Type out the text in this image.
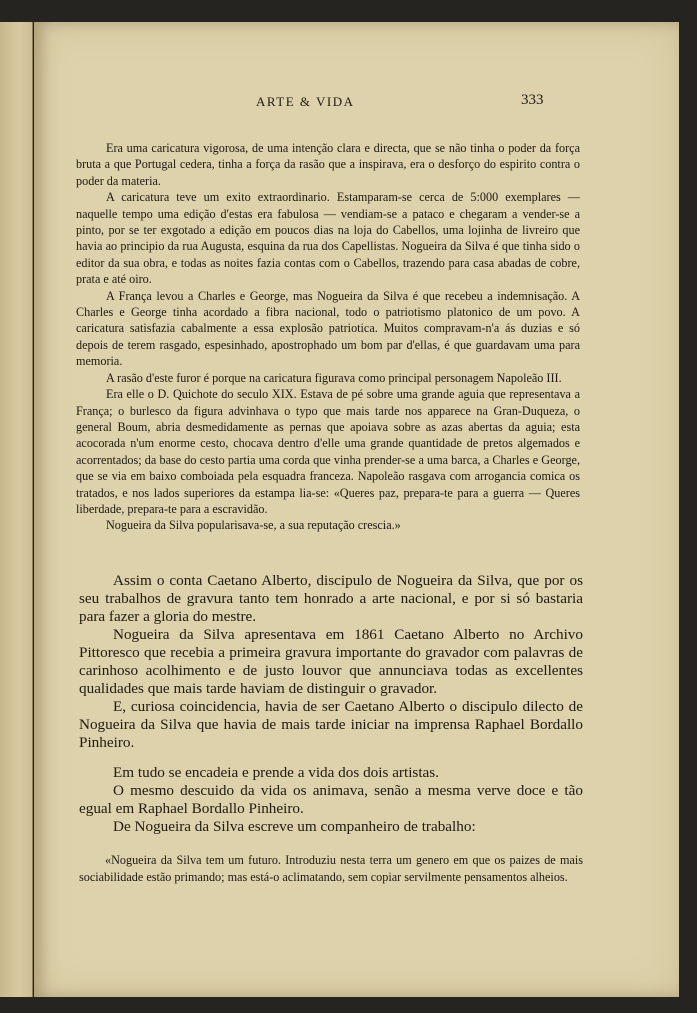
ARTE & VIDA	333

Era uma caricatura vigorosa, de uma intenção clara e directa, que se não tinha o poder da força bruta a que Portugal cedera, tinha a força da rasão que a inspirava, era o desforço do espirito contra o poder da materia.

A caricatura teve um exito extraordinario. Estamparam-se cerca de 5:000 exemplares — naquelle tempo uma edição d'estas era fabulosa — vendiam-se a pataco e chegaram a vender-se a pinto, por se ter exgotado a edição em poucos dias na loja do Cabellos, uma lojinha de livreiro que havia ao principio da rua Augusta, esquina da rua dos Capellistas. Nogueira da Silva é que tinha sido o editor da sua obra, e todas as noites fazia contas com o Cabellos, trazendo para casa abadas de cobre, prata e até oiro.

A França levou a Charles e George, mas Nogueira da Silva é que recebeu a indemnisação. A Charles e George tinha acordado a fibra nacional, todo o patriotismo platonico de um povo. A caricatura satisfazia cabalmente a essa explosão patriotica. Muitos compravam-n'a ás duzias e só depois de terem rasgado, espesinhado, apostrophado um bom par d'ellas, é que guardavam uma para memoria.

A rasão d'este furor é porque na caricatura figurava como principal personagem Napoleão III.

Era elle o D. Quichote do seculo XIX. Estava de pé sobre uma grande aguia que representava a França; o burlesco da figura advinhava o typo que mais tarde nos apparece na Gran-Duqueza, o general Boum, abria desmedidamente as pernas que apoiava sobre as azas abertas da aguia; esta acocorada n'um enorme cesto, chocava dentro d'elle uma grande quantidade de pretos algemados e acorrentados; da base do cesto partia uma corda que vinha prender-se a uma barca, a Charles e George, que se via em baixo comboiada pela esquadra franceza. Napoleão rasgava com arrogancia comica os tratados, e nos lados superiores da estampa lia-se: «Queres paz, prepara-te para a guerra — Queres liberdade, prepara-te para a escravidão.

Nogueira da Silva popularisava-se, a sua reputação crescia.»

Assim o conta Caetano Alberto, discipulo de Nogueira da Silva, que por os seu trabalhos de gravura tanto tem honrado a arte nacional, e por si só bastaria para fazer a gloria do mestre.

Nogueira da Silva apresentava em 1861 Caetano Alberto no Archivo Pittoresco que recebia a primeira gravura importante do gravador com palavras de carinhoso acolhimento e de justo louvor que annunciava todas as excellentes qualidades que mais tarde haviam de distinguir o gravador.

E, curiosa coincidencia, havia de ser Caetano Alberto o discipulo dilecto de Nogueira da Silva que havia de mais tarde iniciar na imprensa Raphael Bordallo Pinheiro.

Em tudo se encadeia e prende a vida dos dois artistas.

O mesmo descuido da vida os animava, senão a mesma verve doce e tão egual em Raphael Bordallo Pinheiro.

De Nogueira da Silva escreve um companheiro de trabalho:

«Nogueira da Silva tem um futuro. Introduziu nesta terra um genero em que os paizes de mais sociabilidade estão primando; mas está-o aclimatando, sem copiar servilmente pensamentos alheios.
